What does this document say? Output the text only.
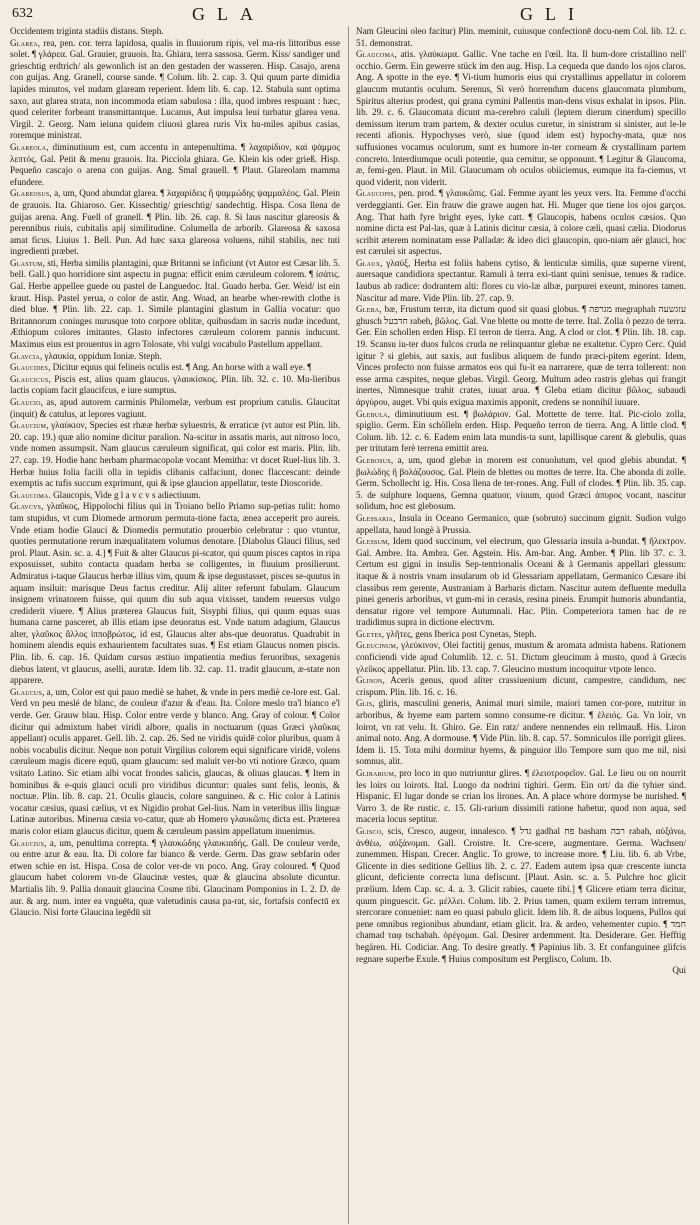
632	GLA	GLI

Occidentem triginta stadiis distans. Steph.

Glarea, rea, pen. cor. terra lapidosa, qualis in fluuiorum ripis, vel ma-ris littoribus esse solet. ¶ γλάρεα. Gal. Grauier, grauois. Ita. Ghiara, terra sassosa. Germ. Kiss/ sandiger und grieschtig erdtrich/ als gewonlich ist an den gestaden der wasseren. Hisp. Casajo, arena con guijas. Ang. Granell, course sande. ¶ Colum. lib. 2. cap. 3. Qui quum parte dimidia lapides minutos, vel nudam glaream reperient. Idem lib. 6. cap. 12. Stabula sunt optima saxo, aut glarea strata, non incommoda etiam sabulosa : illa, quod imbres respuant : hæc, quod celeriter forbeant transmittantque. Lucanus, Aut impulsa leui turbatur glarea vena. Virgil. 2. Georg. Nam ieiuna quidem cliuosi glarea ruris Vix hu-miles apibus casias, roremque ministrat.

Glareola, diminutiuum est, cum accentu in antepenultima. ¶ λαχαρίδιον, καὶ ψάμμος λεπτός. Gal. Petit & menu grauois. Ita. Picciola ghiara. Ge. Klein kis oder grieß. Hisp. Pequeño cascajo o arena con guijas. Ang. Smal grauell. ¶ Plaut. Glareolam mamma efundere.

Glareosus, a, um, Quod abundat glarea. ¶ λαχαρίδεις ἢ ψαμμώδης ψαμμαλέος. Gal. Plein de grauois. Ita. Ghiaroso. Ger. Kissechtig/ grieschtig/ sandechtig. Hispa. Cosa llena de guijas arena. Ang. Fuell of granell. ¶ Plin. lib. 26. cap. 8. Si laus nascitur glareosis & perennibus riuis, cubitalis apij similitudine. Columella de arborib. Glareosa & saxosa amat ficus. Liuius 1. Bell. Pun. Ad hæc saxa glareosa voluens, nihil stabilis, nec tuti ingredienti præbet.

Glastum, sti, Herba similis plantagini, quæ Britanni se inficiunt (vt Autor est Cæsar lib. 5. bell. Gall.) quo horridiore sint aspectu in pugna: efficit enim cæruleum colorem. ¶ ἰσάτις. Gal. Herbe appellee guede ou pastel de Languedoc. Ital. Guado herba. Ger. Weid/ ist ein kraut. Hisp. Pastel yerua, o color de astir. Ang. Woad, an hearbe wher-rewith clothe is died blue. ¶ Plin. lib. 22. cap. 1. Simile plantagini glastum in Gallia vocatur: quo Britannorum coniuges nurusque toto corpore oblitæ, quibusdam in sacris nudæ incedunt, Æthiopum colores imitantes. Glasto infectores cæruleum colorem pannis inducunt. Maximus eius est prouentus in agro Tolosate, vbi vulgi vocabulo Pastellum appellant.

Glavcia, γλαυκία, oppidum Ioniæ. Steph.

Glaucides, Dicitur equus qui felineis oculis est. ¶ Ang. An horse with a wall eye. ¶

Glaucicus, Piscis est, alius quam glaucus. γλαυκίσκος. Plin. lib. 32. c. 10. Mu-lieribus lactis copiam facit glaucifcus, e iure sumptus.

Glaucio, as, apud autorem carminis Philomelæ, verbum est proprium catulis. Glaucitat (inquit) & catulus, at lepores vagiunt.

Glaucium, γλαύκιον, Species est rhææ herbæ syluestris, & erraticæ (vt autor est Plin. lib. 20. cap. 19.) quæ alio nomine dicitur paralion. Na-scitur in assatis maris, aut nitroso loco, vnde nomen assumpsit. Nam glaucus cæruleum significat, qui color est maris. Plin. lib. 27. cap. 19. Hodie hanc herbam pharmacopolæ vocant Memitha: vt docet Ruel-lius lib. 3. Herbæ huius folia facili olla in tepidis clibanis calfaciunt, donec flaccescant: deinde exemptis ac tufis succum exprimunt, qui & ipse glaucion appellatur, teste Dioscoride.

Glaucoma. Glaucopis, Vide g l a v c v s adiectiuum.

Glavcvs, γλαῦκος, Hippolochi filius qui in Troiano bello Priamo sup-petias tulit: homo tam stupidus, vt cum Diomede armorum permuta-tione facta, ænea acceperit pro aureis. Vnde etiam hodie Glauci & Diomedis permutatio prouerbio celebratur : quo vtuntur, quoties permutatione rerum inæqualitatem volumus denotare. [Diabolus Glauci filius, sed prol. Plaut. Asin. sc. a. 4.] ¶ Fuit & alter Glaucus pi-scator, qui quum pisces captos in ripa exposuisset, subito contacta quadam herba se colligentes, in fluuium prosilierunt. Admiratus i-taque Glaucus herbæ illius vim, quum & ipse degustasset, pisces se-quutus in aquam insiluit: marisque Deus factus creditur. Alij aliter referunt fabulam. Glaucum insignem vrinatorem fuisse, qui quum diu sub aqua vixisset, tandem reuersus vulgo crediderit viuere. ¶ Alius præterea Glaucus fuit, Sisyphi filius, qui quum equas suas humana carne pasceret, ab illis etiam ipse deuoratus est. Vnde natum adagium, Glaucus alter, γλαῦκος ἄλλος ἱπποβρώτος, id est, Glaucus alter abs-que deuoratus. Quadrabit in hominem alendis equis exhaurientem facultates suas. ¶ Est etiam Glaucus nomen piscis. Plin. lib. 6. cap. 16. Quidam cursus æstiuo impatientia medius feruoribus, sexagenis diebus latent, vt glaucus, aselli, auratæ. Idem lib. 32. cap. 11. tradit glaucum, æ-state non apparere.

Glaucus, a, um, Color est qui pauo mediè se habet, & vnde in pers mediè ce-lore est. Gal. Verd vn peu meslé de blanc, de couleur d'azur & d'eau. Ita. Colore meslo tra'l bianco e'l verde. Ger. Grauw blau. Hisp. Color entre verde y blanco. Ang. Gray of colour. ¶ Color dicitur qui admixtum habet viridi albore, qualis in noctuarum (quas Græci γλαῦκας appellant) oculis apparet. Gell. lib. 2. cap. 26. Sed ne viridis quidē color pluribus, quam à nobis vocabulis dicitur. Neque non potuit Virgilius colorem equi significare viridē, volens cæruleum magis dicere equū, quam glaucum: sed maluit ver-bo vti notiore Græco, quam vsitato Latino. Sic etiam albi vocat frondes salicis, glaucas, & oliuas glaucas. ¶ Item in hominibus & e-quis glauci oculi pro viridibus dicuntur: quales sunt felis, leonis, & noctuæ. Plin. lib. 8. cap. 21. Oculis glaucis, colore sanguineo. & c. Hic color à Latinis vocatur cæsius, quasi cælius, vt ex Nigidio probat Gel-lius. Nam in veteribus illis linguæ Latinæ autoribus. Minerua cæsia vo-catur, quæ ab Homero γλαυκῶπις dicta est. Præterea maris color etiam glaucus dicitur, quem & cæruleum passim appellatum inuenimus.

Glaucius, a, um, penultima correpta. ¶ γλαυκώδης γλαυκιαδής. Gall. De couleur verde, ou entre azur & eau. Ita. Di colore far bianco & verde. Germ. Das graw sebfarin oder etwen schie en ist. Hispa. Cosa de color ver-de vn poco. Ang. Gray coloured. ¶ Quod glaucum habet colorem vn-de Glaucinæ vestes, quæ & glaucina absolute dicuntur. Martialis lib. 9. Pallia donauit glaucina Cosme tibi. Glaucinam Pomponius in 1. 2. D. de aur. & arg. num. inter ea vnguēta, quæ valetudinis causa pa-rat, sic, fortafsis confectū ex Glaucio. Nisi forte Glaucina legēdū sit

Nam Gleucini oleo facitur) Plin. meminit, cuiusque confectionē docu-nem Col. lib. 12. c. 51. demonstrat.

Glaucoma, atis. γλαύκωμα. Gallic. Vne tache en l'œil. Ita. Il hum-dore cristallino nell' occhio. Germ. Ein gewerre stück im den aug. Hisp. La cequeda que dando los ojos claros. Ang. A spotte in the eye. ¶ Vi-tium humoris eius qui crystallinus appellatur in colorem glaucum mutantis oculum. Serenus, Si verò horrendum ducens glaucomata plumbum, Spiritus alterius prodest, qui grana cymini Pallentis man-dens visus exhalat in ipsos. Plin. lib. 29. c. 6. Glaucomata dicunt ma-cerebro caluli (leptem dierum cinerdum) specillo demissum iterum tram partem, & dexter oculus curetur, in sinistram si sinister, aut le-le recenti afionis. Hypochyses verò, siue (quod idem est) hypochy-mata, quæ nos suffusiones vocamus oculorum, sunt ex humore in-ter corneam & crystallinam partem concreto. Interdiumque oculi potentie, qua cernitur, se opponunt. ¶ Legitur & Glaucoma, æ, femi-gen. Plaut. in Mil. Glaucumam ob oculos obiiciemus, eumque ita fa-ciemus, vt quod viderit, non viderit.

Glaucopis, pen. prod. ¶ γλαυκῶπις. Gal. Femme ayant les yeux vers. Ita. Femme d'occhi verdeggianti. Ger. Ein frauw die grawe augen hat. Hi. Muger que tiene los ojos garços. Ang. That hath fyre bright eyes, lyke catt. ¶ Glaucopis, habens oculos cæsios. Quo nomine dicta est Pal-las, quæ à Latinis dicitur cæsia, à colore cæli, quasi cælia. Diodorus scribit æterem nominatam esse Palladæ: & ideo dici glaucopin, quo-niam aër glauci, hoc est cærulei sit aspectus.

Glaux, γλαύξ, Herba est foliis habens cytiso, & lenticulæ similis, quæ superne virent, auersaque candidiora spectantur. Ramuli à terra exi-tiant quini senisue, tenues & radice. Iaubus ab radice: dodrantem alti: flores cu vio-læ albæ, purpurei exeunt, minores tamen. Nascitur ad mare. Vide Plin. lib. 27. cap. 9.

Gleba, bæ, Frustum terræ, ita dictum quod sit quasi globus. ¶ מגרפה megraphah עזגשעה ghusch חדבעל rabeh, βῶλος. Gal. Vne blette ou motte de terre. Ital. Zolla ò pezzo de terra. Ger. Ein schollen erden Hisp. El terron de tierra. Ang. A clod or clot. ¶ Plin. lib. 18. cap. 19. Scansu iu-ter duos fulcos cruda ne relinquantur glebæ ne exaltetur. Cypro Cerc. Quid igitur ? si glebis, aut saxis, aut fuslibus aliquem de fundo præci-pitem egerint. Idem, Vinces profecto non fuisse armatos eos qui fu-it ea narrarere, quæ de terra tollerent: non esse arma cæspites, neque glebas. Virgil. Georg. Multum adeo rastris glebas qui frangit inertes, Nimnesque trahit crates, iuuat arua. ¶ Gleba etiam dicitur βῶλος, subaudi ἀργύρου, auget. Vbi quis exigua maximis apponit, credens se nonnihil iuuare.

Glebula, diminutiuum est. ¶ βωλάριον. Gal. Mottette de terre. Ital. Pic-ciolo zolla, spiglio. Germ. Ein schölleln erden. Hisp. Pequeño terron de tierra. Ang. A little clod. ¶ Colum. lib. 12. c. 6. Eadem enim lata mundis-ta sunt, lapillisque carent & glebulis, quas per tritutam ferè terrena emittit area.

Glebosus, a, um, quod glebæ in morem est conuolutum, vel quod glebis abundat. ¶ βωλώδης ἢ βολάζουσος. Gal. Plein de blettes ou mottes de terre. Ita. Che abonda di zolle. Germ. Schollecht ig. His. Cosa llena de ter-rones. Ang. Full of clodes. ¶ Plin. lib. 35. cap. 5. de sulphure loquens, Gemna quatuor, viuum, quod Græci ἀπυρος vocant, nascitur solidum, hoc est glebosum.

Glessaria, Insula in Oceano Germanico, quæ (sobruto) succinum gignit. Sudion vulgo appellata, haud longè à Prussia.

Glessum, Idem quod succinum, vel electrum, quo Glessaria insula a-bundat. ¶ ἤλεκτρον. Gal. Ambre. Ita. Ambra. Ger. Agstein. His. Am-bar. Ang. Amber. ¶ Plin. lib 37. c. 3. Certum est gigni in insulis Sep-tentrionalis Oceani & à Germanis appellari glessum: itaque & à nostris vnam insularum ob id Glessariam appellatam, Germanico Cæsare ibi classibus rem gerente, Austraniam à Barbaris dictam. Nascitur autem defluente medulla pinei generis arboribus, vt gum-mi in cerasis, resina pineis. Erumpit humoris abundantia, densatur rigore vel tempore Autumnali. Hac. Plin. Competeriora tamen hac de re tradidimus supra in dictione electrvm.

Gletes, γλῆτες, gens Iberica post Cynetas, Steph.

Gleucinum, γλεύκινον, Olei factitij genus, mustum & aromata admista habens. Rationem conficiendi vide apud Columlib. 12. c. 51. Dictum gleucinum à musto, quod à Græcis γλεῦκος appellatur. Plin. lib. 13. cap. 7. Gleucino mustum incoquitur vtpote lenco.

Glinon, Aceris genus, quod aliter crassiuenium dicunt, campestre, candidum, nec crispum. Plin. lib. 16. c. 16.

Glis, gliris, masculini generis, Animal muri simile, maiori tamen cor-pore, nutritur in arboribus, & hyeme eam partem somno consume-re dicitur. ¶ ἐλειός. Ga. Vn loir, vn loirot, vn rat velu. It. Ghiro. Ge. Ein ratz/ andere nennendes ein rellmauß. His. Liron animal noto. Ang. A dormouse. ¶ Vide Plin. lib. 8. cap. 57. Somniculos ille porrigit glires. Idem li. 15. Tota mihi dormitur hyems, & pinguior illo Tempore sum quo me nil, nisi somnus, alit.

Glirarium, pro loco in quo nutriuntur glires. ¶ ἐλειοτροφεῖον. Gal. Le lieu ou on nourrit les loirs ou loirots. Ital. Luogo da nodrini tighiri. Germ. Ein ort/ da die tyhier sind. Hispanic. El lugar donde se crian los lirones. An. A place whore dormyse be nurished. ¶ Varro 3. de Re rustic. c. 15. Gli-rarium dissimili ratione habetur, quod non aqua, sed maceria locus septitur.

Glisco, scis, Cresco, augeor, innalesco. ¶ גדל gadhal פח basham רבה rabah, αὐξάνω, ἀνθέω, αὐξάνομαι. Gall. Croistre. It. Cre-scere, augmentare. Germa. Wachsen/ zunemmen. Hispan. Crecer. Anglic. To growe, to increase more. ¶ Liu. lib. 6. ab Vrbe, Glicente in dies seditione Gellius lib. 2. c. 27. Eadem autem ipsa quæ crescente iuncta glicunt, deficiente correcta luna defiscunt. [Plaut. Asin. sc. a. 5. Pulchre hoc glicit prælium. Idem Cap. sc. 4. a. 3. Glicit rabies, cauete tibi.] ¶ Glicere etiam terra dicitur, quum pinguescit. Gc. μέλλει. Colum. lib. 2. Prius tamen, quam exilem terram intremus, stercorare conueniet: nam eo quasi pabulo glicit. Idem lib. 8. de aibus loquens, Pullos qui pene omnibus regionibus abundant, etiam glicit. Ira. & ardeo, vehementer cupio. ¶ חמד chamad ταφ tschabah. ὀρέγομαι. Gal. Desirer ardemment. Ita. Desiderare. Ger. Hefftig begären. Hi. Codiciar. Ang. To desire greatly. ¶ Papinius lib. 3. Et confanguinee glifcis regnare superbe Exule. ¶ Huius compositum est Perglisco, Colum. 1b.

Qui
